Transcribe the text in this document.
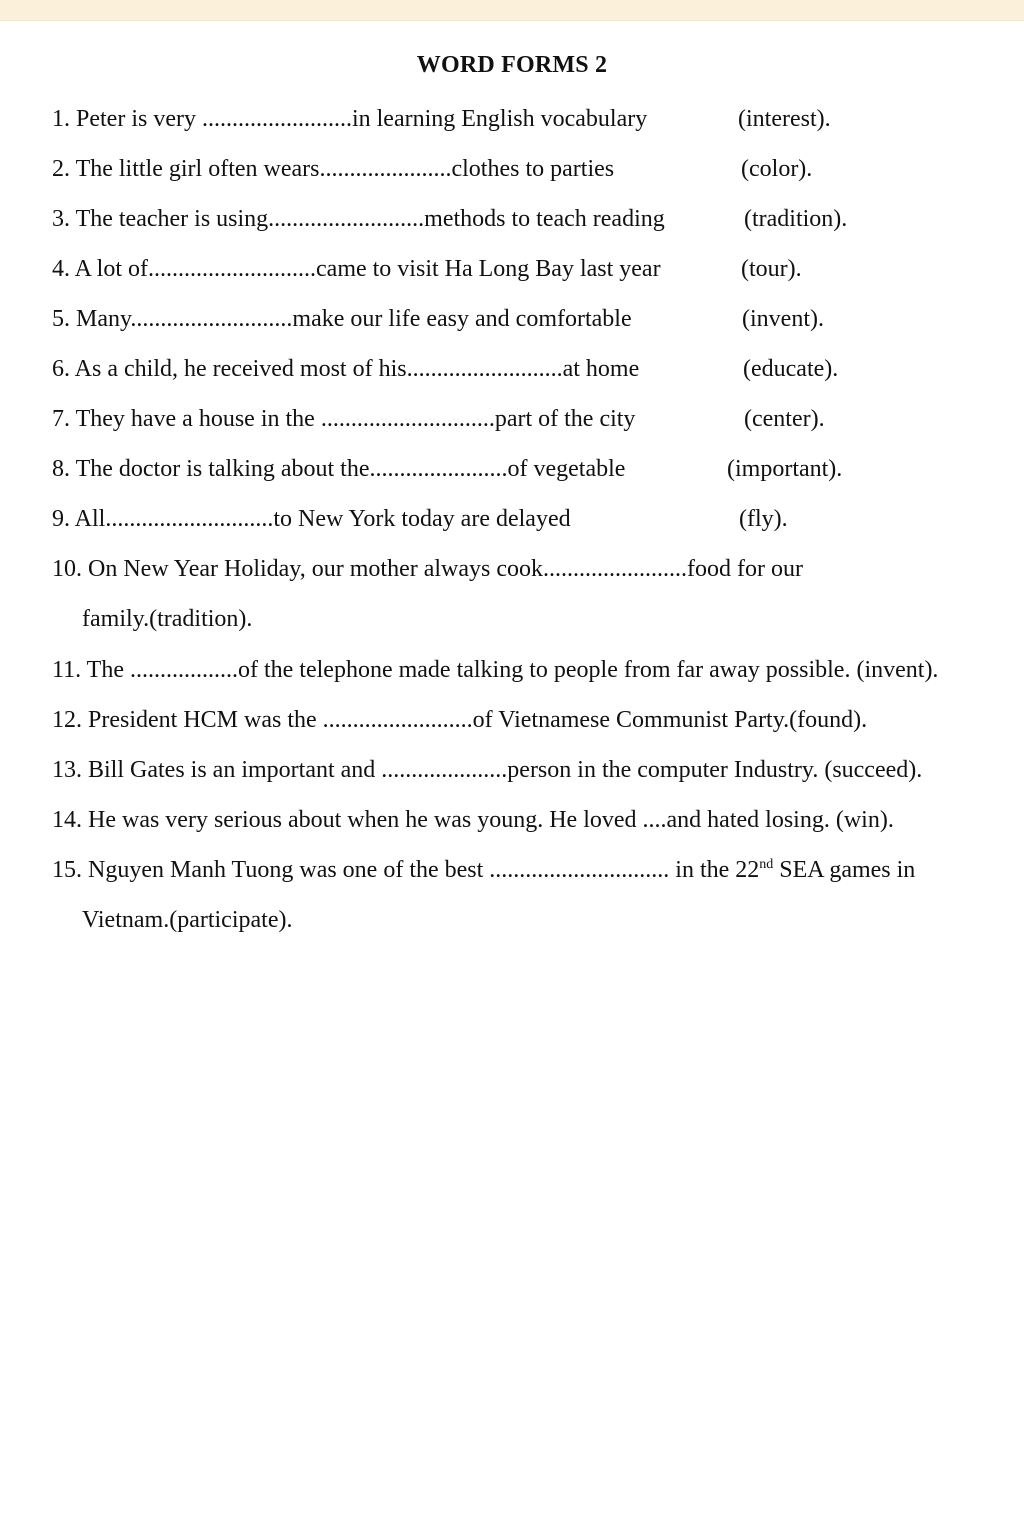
WORD FORMS 2
1. Peter is very .........................in learning English vocabulary	(interest).
2. The little girl often wears......................clothes to parties	(color).
3. The teacher is using..........................methods to teach reading	(tradition).
4. A lot of............................came to visit Ha Long Bay last year	(tour).
5. Many...........................make our life easy and comfortable	(invent).
6. As a child, he received most of his..........................at home	(educate).
7. They have a house in the .............................part of the city	(center).
8. The doctor is talking about the.......................of vegetable	(important).
9. All............................to New York today are delayed	(fly).
10. On New Year Holiday, our mother always cook........................food for our
family.(tradition).
11. The ..................of the telephone made talking to people from far away possible. (invent).
12. President HCM was the .........................of Vietnamese Communist Party.(found).
13. Bill Gates is an important and .....................person in the computer Industry. (succeed).
14. He was very serious about when he was young. He loved ....and hated losing. (win).
15. Nguyen Manh Tuong was one of the best .............................. in the 22nd SEA games in
Vietnam.(participate).
